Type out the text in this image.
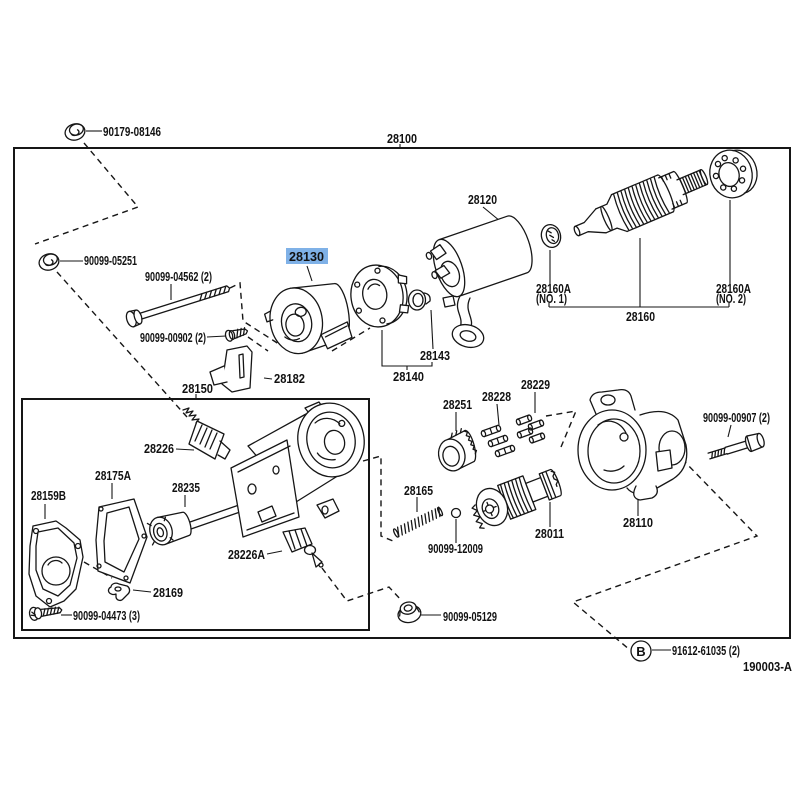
90179-08146	28100
90099-05251
90099-04562 (2)
90099-00902 (2)
28130
28182
28150
28143
28140
28120
28160A
(NO. 1)
28160
28160A
(NO. 2)
28251
28228
28229
28226
28175A
28159B
28235
28226A
28169
90099-04473 (3)
28165
90099-12009
28011
28110
90099-00907 (2)
90099-05129
B 91612-61035 (2)
190003-A
